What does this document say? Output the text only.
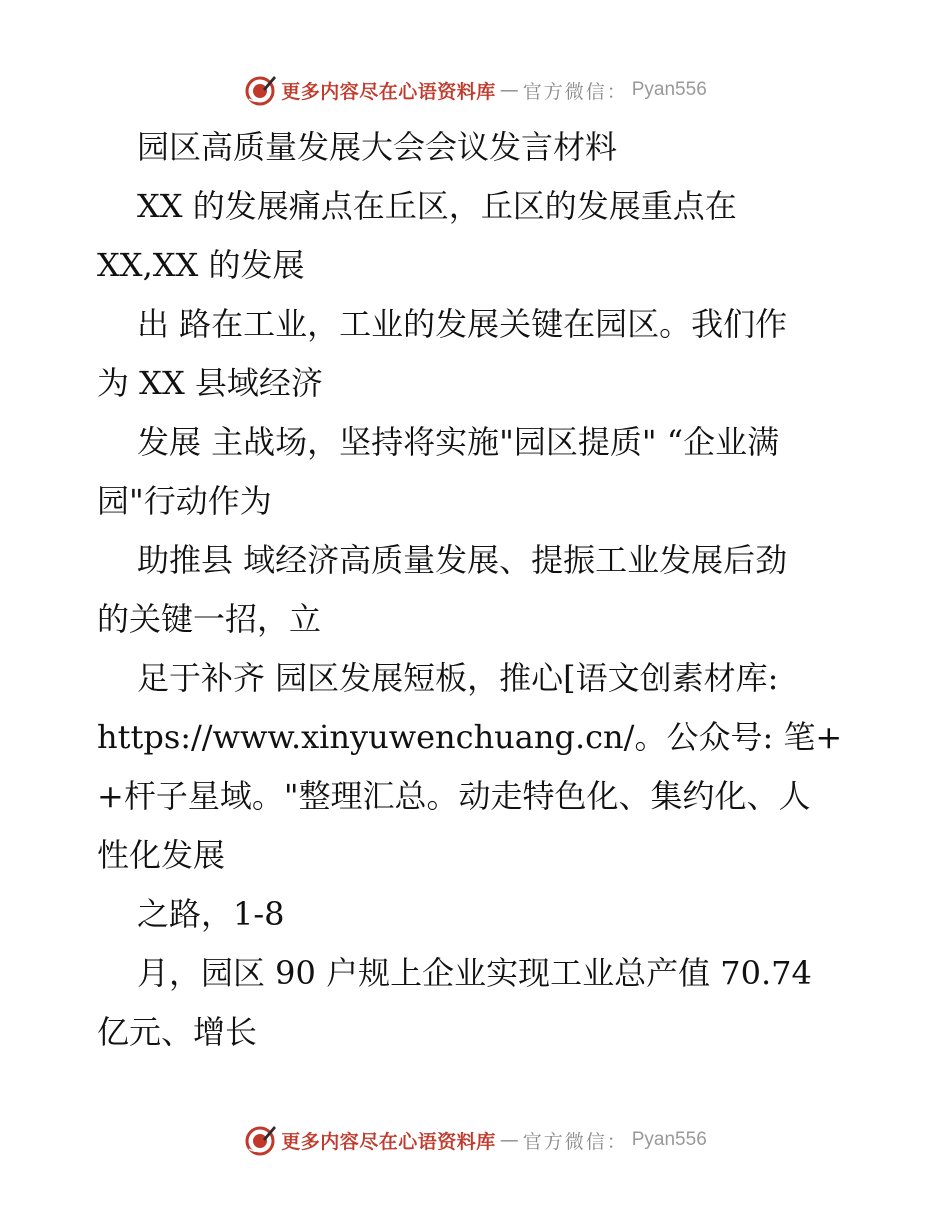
更多内容尽在心语资料库 — 官方微信： Pyan556

园区高质量发展大会会议发言材料

XX 的发展痛点在丘区，丘区的发展重点在

XX,XX 的发展

出 路在工业，工业的发展关键在园区。我们作

为 XX 县域经济

发展 主战场，坚持将实施"园区提质" “企业满

园"行动作为

助推县 域经济高质量发展、提振工业发展后劲

的关键一招，立

足于补齐 园区发展短板，推心[语文创素材库:

https://www.xinyuwenchuang.cn/。公众号: 笔+

+杆子星域。"整理汇总。动走特色化、集约化、人

性化发展

之路，1-8

月，园区 90 户规上企业实现工业总产值 70.74

亿元、增长

更多内容尽在心语资料库 — 官方微信： Pyan556
